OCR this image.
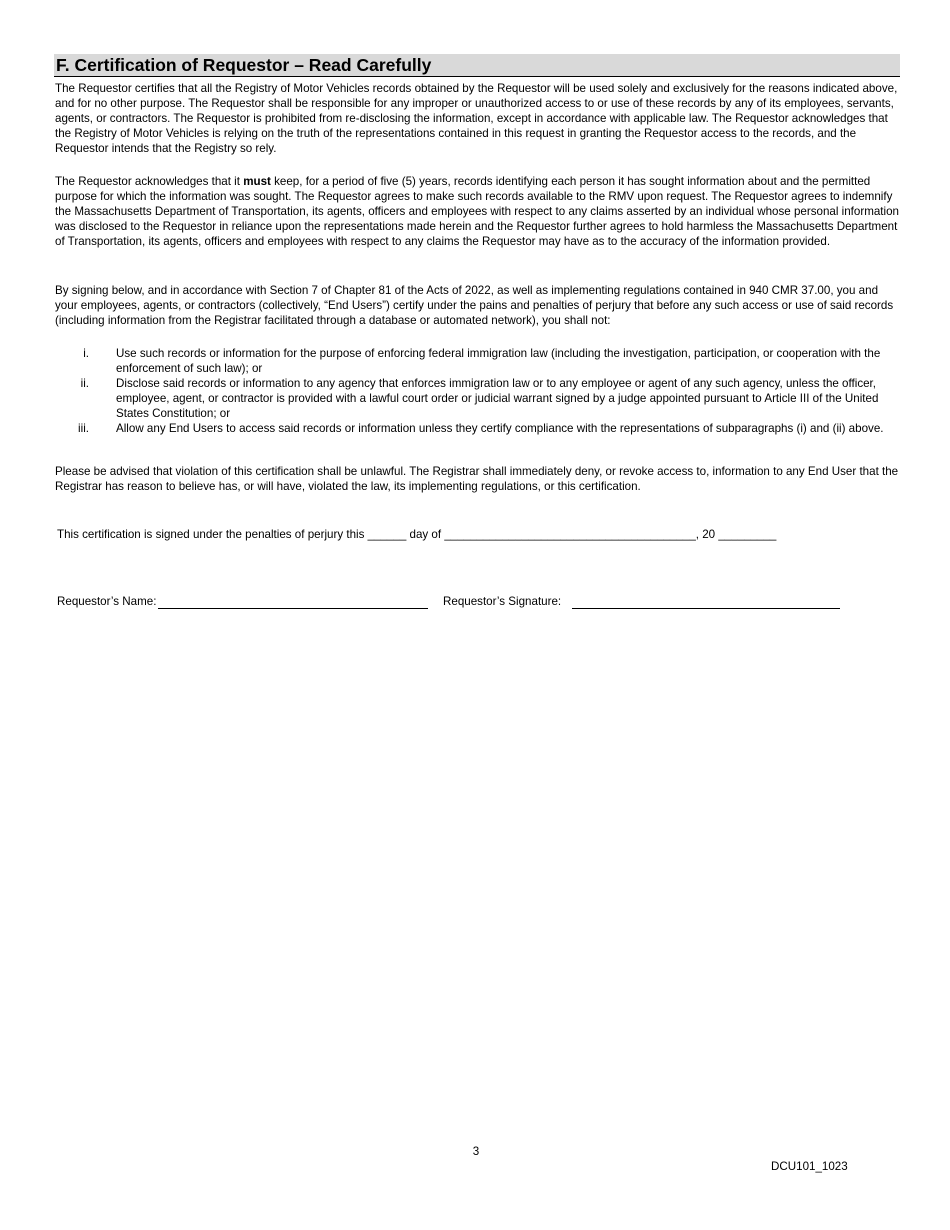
F. Certification of Requestor – Read Carefully

The Requestor certifies that all the Registry of Motor Vehicles records obtained by the Requestor will be used solely and exclusively for the reasons indicated above, and for no other purpose. The Requestor shall be responsible for any improper or unauthorized access to or use of these records by any of its employees, servants, agents, or contractors. The Requestor is prohibited from re-disclosing the information, except in accordance with applicable law. The Requestor acknowledges that the Registry of Motor Vehicles is relying on the truth of the representations contained in this request in granting the Requestor access to the records, and the Requestor intends that the Registry so rely.

The Requestor acknowledges that it must keep, for a period of five (5) years, records identifying each person it has sought information about and the permitted purpose for which the information was sought. The Requestor agrees to make such records available to the RMV upon request. The Requestor agrees to indemnify the Massachusetts Department of Transportation, its agents, officers and employees with respect to any claims asserted by an individual whose personal information was disclosed to the Requestor in reliance upon the representations made herein and the Requestor further agrees to hold harmless the Massachusetts Department of Transportation, its agents, officers and employees with respect to any claims the Requestor may have as to the accuracy of the information provided.

By signing below, and in accordance with Section 7 of Chapter 81 of the Acts of 2022, as well as implementing regulations contained in 940 CMR 37.00, you and your employees, agents, or contractors (collectively, “End Users”) certify under the pains and penalties of perjury that before any such access or use of said records (including information from the Registrar facilitated through a database or automated network), you shall not:

i. Use such records or information for the purpose of enforcing federal immigration law (including the investigation, participation, or cooperation with the enforcement of such law); or
ii. Disclose said records or information to any agency that enforces immigration law or to any employee or agent of any such agency, unless the officer, employee, agent, or contractor is provided with a lawful court order or judicial warrant signed by a judge appointed pursuant to Article III of the United States Constitution; or
iii. Allow any End Users to access said records or information unless they certify compliance with the representations of subparagraphs (i) and (ii) above.

Please be advised that violation of this certification shall be unlawful. The Registrar shall immediately deny, or revoke access to, information to any End User that the Registrar has reason to believe has, or will have, violated the law, its implementing regulations, or this certification.

This certification is signed under the penalties of perjury this ______ day of _______________________________________, 20 _________
Requestor’s Name:	Requestor’s Signature:
3
DCU101_1023
